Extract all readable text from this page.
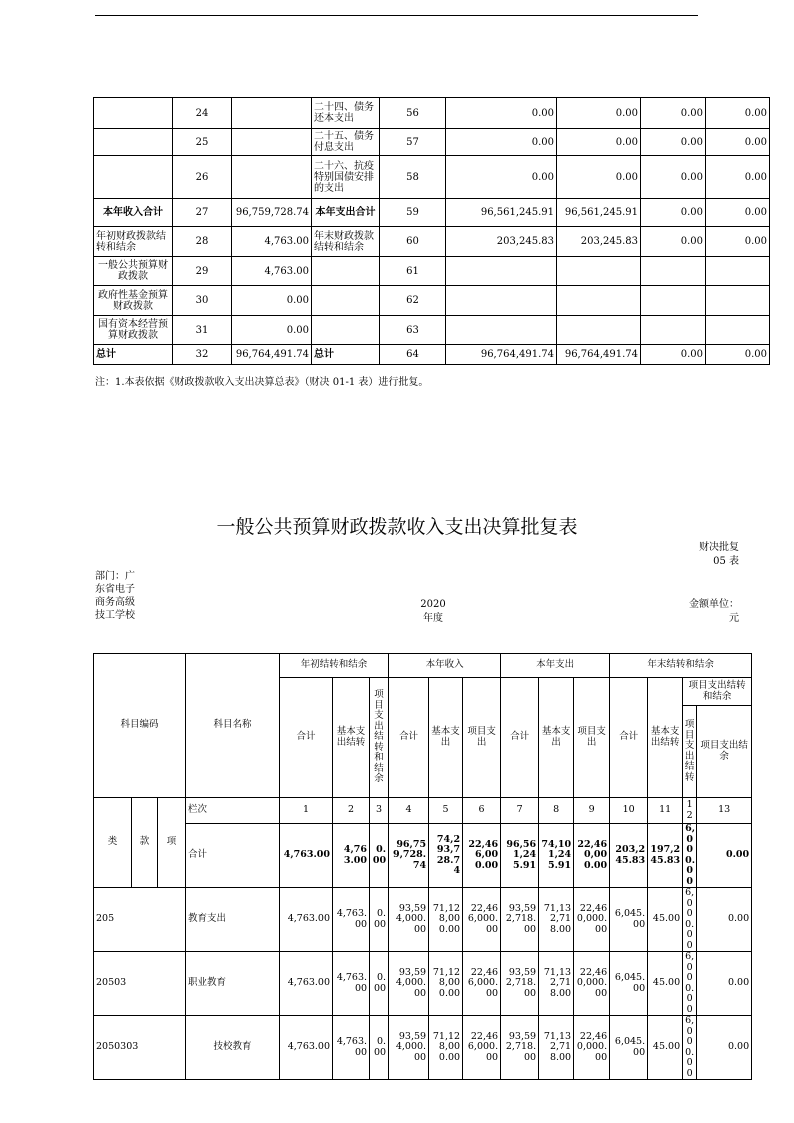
	24		二十四、债务还本支出	56	0.00	0.00	0.00	0.00
	25		二十五、债务付息支出	57	0.00	0.00	0.00	0.00
	26		二十六、抗疫特别国债安排的支出	58	0.00	0.00	0.00	0.00
本年收入合计	27	96,759,728.74	本年支出合计	59	96,561,245.91	96,561,245.91	0.00	0.00
年初财政拨款结转和结余	28	4,763.00	年末财政拨款结转和结余	60	203,245.83	203,245.83	0.00	0.00
一般公共预算财政拨款	29	4,763.00		61				
政府性基金预算财政拨款	30	0.00		62				
国有资本经营预算财政拨款	31	0.00		63				
总计	32	96,764,491.74	总计	64	96,764,491.74	96,764,491.74	0.00	0.00
注：1.本表依据《财政拨款收入支出决算总表》（财决 01-1 表）进行批复。
一般公共预算财政拨款收入支出决算批复表
财决批复
05 表
部门：广东省电子商务高级技工学校
2020
年度
金额单位：
元
科目编码			科目名称	年初结转和结余			本年收入			本年支出			年末结转和结余			
				合计	基本支出结转	项目支出结转和结余	合计	基本支出	项目支出	合计	基本支出	项目支出	合计	基本支出结转	项目支出结转和结余	
															项目支出结转	项目支出结余
类	款	项	栏次	1	2	3	4	5	6	7	8	9	10	11	12	13
			合计	4,763.00	4,763.00	0.00	96,759,728.74	74,293,728.74	22,466,000.00	96,561,245.91	74,101,245.91	22,460,000.00	203,245.83	197,245.83	6,000.00	0.00
205			教育支出	4,763.00	4,763.00	0.00	93,594,000.00	71,128,000.00	22,466,000.00	93,592,718.00	71,132,718.00	22,460,000.00	6,045.00	45.00	6,000.00	0.00
20503			职业教育	4,763.00	4,763.00	0.00	93,594,000.00	71,128,000.00	22,466,000.00	93,592,718.00	71,132,718.00	22,460,000.00	6,045.00	45.00	6,000.00	0.00
2050303			技校教育	4,763.00	4,763.00	0.00	93,594,000.00	71,128,000.00	22,466,000.00	93,592,718.00	71,132,718.00	22,460,000.00	6,045.00	45.00	6,000.00	0.00
